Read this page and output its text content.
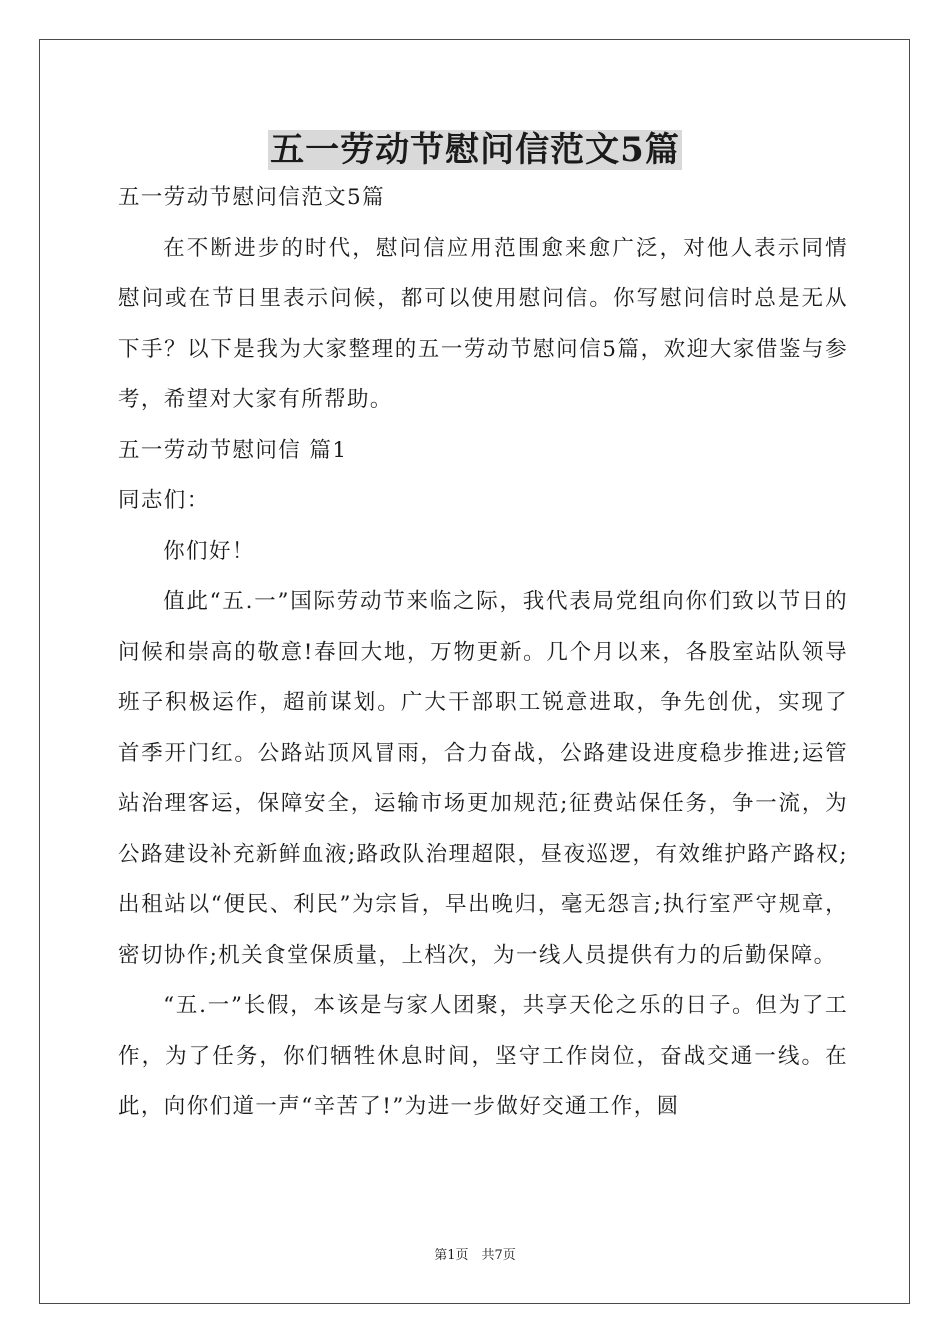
五一劳动节慰问信范文5篇

五一劳动节慰问信范文5篇

在不断进步的时代，慰问信应用范围愈来愈广泛，对他人表示同情慰问或在节日里表示问候，都可以使用慰问信。你写慰问信时总是无从下手？以下是我为大家整理的五一劳动节慰问信5篇，欢迎大家借鉴与参考，希望对大家有所帮助。

五一劳动节慰问信 篇1

同志们：

你们好！

值此“五.一”国际劳动节来临之际，我代表局党组向你们致以节日的问候和崇高的敬意!春回大地，万物更新。几个月以来，各股室站队领导班子积极运作，超前谋划。广大干部职工锐意进取，争先创优，实现了首季开门红。公路站顶风冒雨，合力奋战，公路建设进度稳步推进;运管站治理客运，保障安全，运输市场更加规范;征费站保任务，争一流，为公路建设补充新鲜血液;路政队治理超限，昼夜巡逻，有效维护路产路权;出租站以“便民、利民”为宗旨，早出晚归，毫无怨言;执行室严守规章，密切协作;机关食堂保质量，上档次，为一线人员提供有力的后勤保障。

“五.一”长假，本该是与家人团聚，共享天伦之乐的日子。但为了工作，为了任务，你们牺牲休息时间，坚守工作岗位，奋战交通一线。在此，向你们道一声“辛苦了!”为进一步做好交通工作，圆

第1页　共7页
